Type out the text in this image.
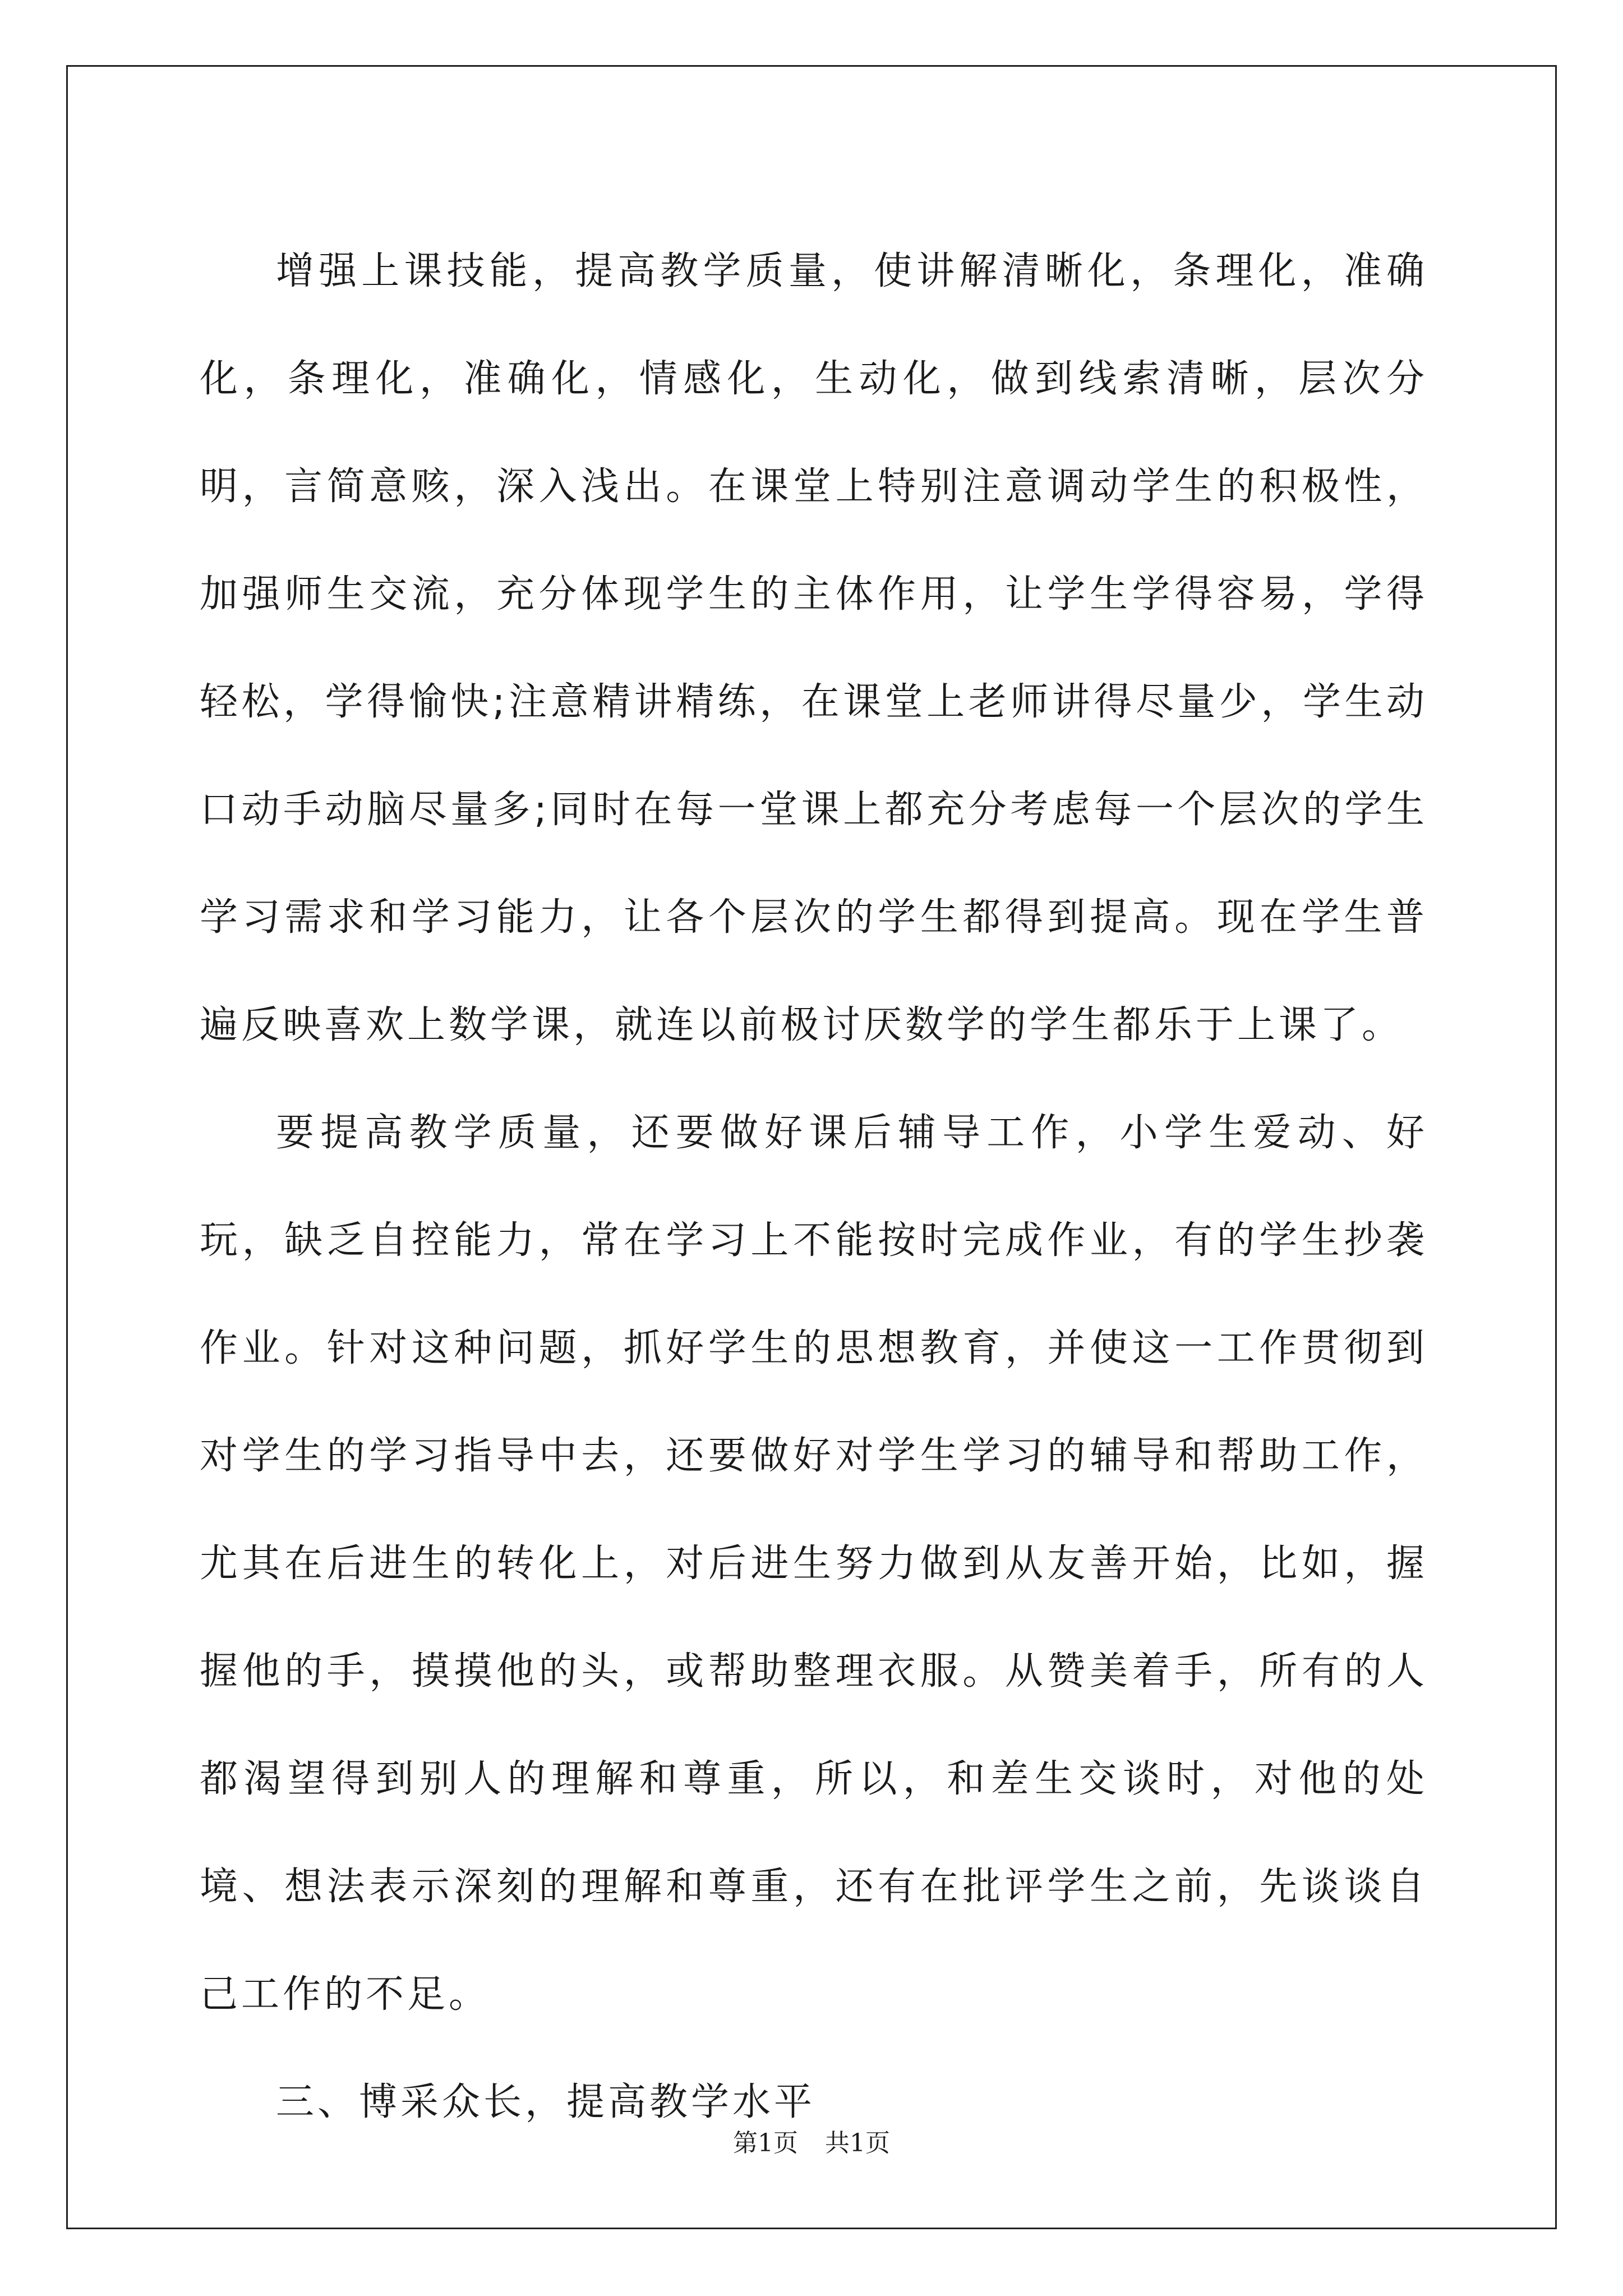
增强上课技能，提高教学质量，使讲解清晰化，条理化，准确化，条理化，准确化，情感化，生动化，做到线索清晰，层次分明，言简意赅，深入浅出。在课堂上特别注意调动学生的积极性，加强师生交流，充分体现学生的主体作用，让学生学得容易，学得轻松，学得愉快;注意精讲精练，在课堂上老师讲得尽量少，学生动口动手动脑尽量多;同时在每一堂课上都充分考虑每一个层次的学生学习需求和学习能力，让各个层次的学生都得到提高。现在学生普遍反映喜欢上数学课，就连以前极讨厌数学的学生都乐于上课了。

要提高教学质量，还要做好课后辅导工作，小学生爱动、好玩，缺乏自控能力，常在学习上不能按时完成作业，有的学生抄袭作业。针对这种问题，抓好学生的思想教育，并使这一工作贯彻到对学生的学习指导中去，还要做好对学生学习的辅导和帮助工作，尤其在后进生的转化上，对后进生努力做到从友善开始，比如，握握他的手，摸摸他的头，或帮助整理衣服。从赞美着手，所有的人都渴望得到别人的理解和尊重，所以，和差生交谈时，对他的处境、想法表示深刻的理解和尊重，还有在批评学生之前，先谈谈自己工作的不足。

三、博采众长，提高教学水平

第1页 共1页
